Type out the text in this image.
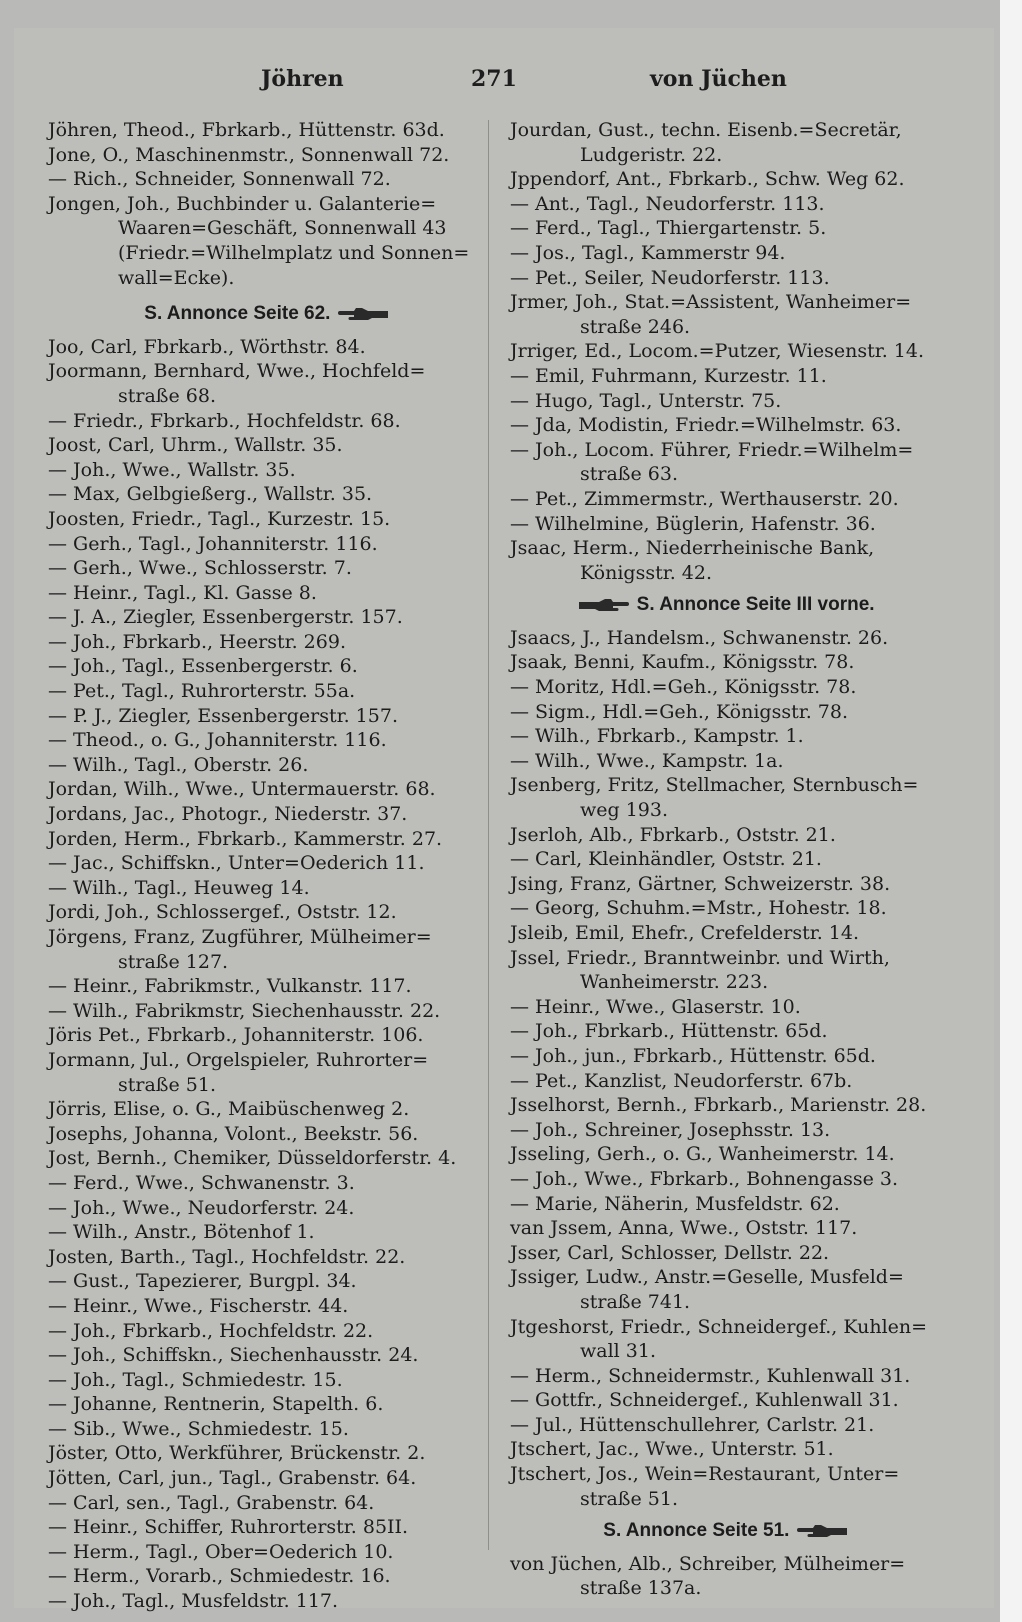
Jöhren	271	von Jüchen
Jöhren, Theod., Fbrkarb., Hüttenstr. 63d.
Jone, O., Maschinenmstr., Sonnenwall 72.
— Rich., Schneider, Sonnenwall 72.
Jongen, Joh., Buchbinder u. Galanterie=
Waaren=Geschäft, Sonnenwall 43
(Friedr.=Wilhelmplatz und Sonnen=
wall=Ecke).
S. Annonce Seite 62.
Joo, Carl, Fbrkarb., Wörthstr. 84.
Joormann, Bernhard, Wwe., Hochfeld=
straße 68.
— Friedr., Fbrkarb., Hochfeldstr. 68.
Joost, Carl, Uhrm., Wallstr. 35.
— Joh., Wwe., Wallstr. 35.
— Max, Gelbgießerg., Wallstr. 35.
Joosten, Friedr., Tagl., Kurzestr. 15.
— Gerh., Tagl., Johanniterstr. 116.
— Gerh., Wwe., Schlosserstr. 7.
— Heinr., Tagl., Kl. Gasse 8.
— J. A., Ziegler, Essenbergerstr. 157.
— Joh., Fbrkarb., Heerstr. 269.
— Joh., Tagl., Essenbergerstr. 6.
— Pet., Tagl., Ruhrorterstr. 55a.
— P. J., Ziegler, Essenbergerstr. 157.
— Theod., o. G., Johanniterstr. 116.
— Wilh., Tagl., Oberstr. 26.
Jordan, Wilh., Wwe., Untermauerstr. 68.
Jordans, Jac., Photogr., Niederstr. 37.
Jorden, Herm., Fbrkarb., Kammerstr. 27.
— Jac., Schiffskn., Unter=Oederich 11.
— Wilh., Tagl., Heuweg 14.
Jordi, Joh., Schlossergef., Oststr. 12.
Jörgens, Franz, Zugführer, Mülheimer=
straße 127.
— Heinr., Fabrikmstr., Vulkanstr. 117.
— Wilh., Fabrikmstr, Siechenhausstr. 22.
Jöris Pet., Fbrkarb., Johanniterstr. 106.
Jormann, Jul., Orgelspieler, Ruhrorter=
straße 51.
Jörris, Elise, o. G., Maibüschenweg 2.
Josephs, Johanna, Volont., Beekstr. 56.
Jost, Bernh., Chemiker, Düsseldorferstr. 4.
— Ferd., Wwe., Schwanenstr. 3.
— Joh., Wwe., Neudorferstr. 24.
— Wilh., Anstr., Bötenhof 1.
Josten, Barth., Tagl., Hochfeldstr. 22.
— Gust., Tapezierer, Burgpl. 34.
— Heinr., Wwe., Fischerstr. 44.
— Joh., Fbrkarb., Hochfeldstr. 22.
— Joh., Schiffskn., Siechenhausstr. 24.
— Joh., Tagl., Schmiedestr. 15.
— Johanne, Rentnerin, Stapelth. 6.
— Sib., Wwe., Schmiedestr. 15.
Jöster, Otto, Werkführer, Brückenstr. 2.
Jötten, Carl, jun., Tagl., Grabenstr. 64.
— Carl, sen., Tagl., Grabenstr. 64.
— Heinr., Schiffer, Ruhrorterstr. 85II.
— Herm., Tagl., Ober=Oederich 10.
— Herm., Vorarb., Schmiedestr. 16.
— Joh., Tagl., Musfeldstr. 117.
Jourdan, Gust., techn. Eisenb.=Secretär,
Ludgeristr. 22.
Jppendorf, Ant., Fbrkarb., Schw. Weg 62.
— Ant., Tagl., Neudorferstr. 113.
— Ferd., Tagl., Thiergartenstr. 5.
— Jos., Tagl., Kammerstr 94.
— Pet., Seiler, Neudorferstr. 113.
Jrmer, Joh., Stat.=Assistent, Wanheimer=
straße 246.
Jrriger, Ed., Locom.=Putzer, Wiesenstr. 14.
— Emil, Fuhrmann, Kurzestr. 11.
— Hugo, Tagl., Unterstr. 75.
— Jda, Modistin, Friedr.=Wilhelmstr. 63.
— Joh., Locom. Führer, Friedr.=Wilhelm=
straße 63.
— Pet., Zimmermstr., Werthauserstr. 20.
— Wilhelmine, Büglerin, Hafenstr. 36.
Jsaac, Herm., Niederrheinische Bank,
Königsstr. 42.
S. Annonce Seite III vorne.
Jsaacs, J., Handelsm., Schwanenstr. 26.
Jsaak, Benni, Kaufm., Königsstr. 78.
— Moritz, Hdl.=Geh., Königsstr. 78.
— Sigm., Hdl.=Geh., Königsstr. 78.
— Wilh., Fbrkarb., Kampstr. 1.
— Wilh., Wwe., Kampstr. 1a.
Jsenberg, Fritz, Stellmacher, Sternbusch=
weg 193.
Jserloh, Alb., Fbrkarb., Oststr. 21.
— Carl, Kleinhändler, Oststr. 21.
Jsing, Franz, Gärtner, Schweizerstr. 38.
— Georg, Schuhm.=Mstr., Hohestr. 18.
Jsleib, Emil, Ehefr., Crefelderstr. 14.
Jssel, Friedr., Branntweinbr. und Wirth,
Wanheimerstr. 223.
— Heinr., Wwe., Glaserstr. 10.
— Joh., Fbrkarb., Hüttenstr. 65d.
— Joh., jun., Fbrkarb., Hüttenstr. 65d.
— Pet., Kanzlist, Neudorferstr. 67b.
Jsselhorst, Bernh., Fbrkarb., Marienstr. 28.
— Joh., Schreiner, Josephsstr. 13.
Jsseling, Gerh., o. G., Wanheimerstr. 14.
— Joh., Wwe., Fbrkarb., Bohnengasse 3.
— Marie, Näherin, Musfeldstr. 62.
van Jssem, Anna, Wwe., Oststr. 117.
Jsser, Carl, Schlosser, Dellstr. 22.
Jssiger, Ludw., Anstr.=Geselle, Musfeld=
straße 741.
Jtgeshorst, Friedr., Schneidergef., Kuhlen=
wall 31.
— Herm., Schneidermstr., Kuhlenwall 31.
— Gottfr., Schneidergef., Kuhlenwall 31.
— Jul., Hüttenschullehrer, Carlstr. 21.
Jtschert, Jac., Wwe., Unterstr. 51.
Jtschert, Jos., Wein=Restaurant, Unter=
straße 51.
S. Annonce Seite 51.
von Jüchen, Alb., Schreiber, Mülheimer=
straße 137a.
